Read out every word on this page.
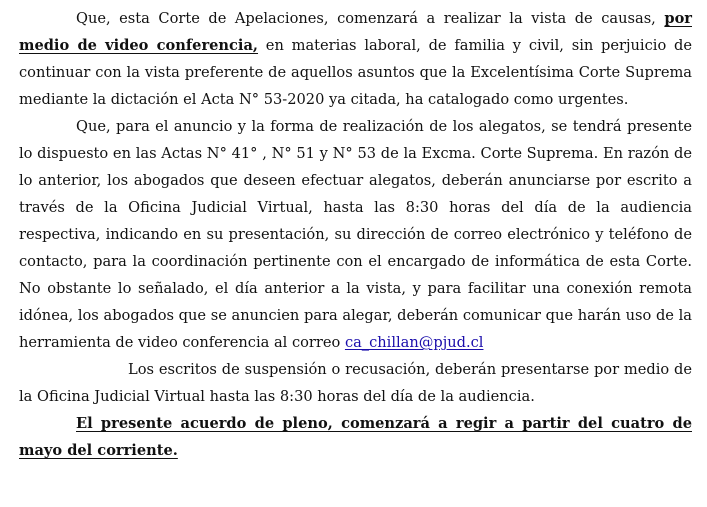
Que, esta Corte de Apelaciones, comenzará a realizar la vista de causas, por medio de video conferencia, en materias laboral, de familia y civil, sin perjuicio de continuar con la vista preferente de aquellos asuntos que la Excelentísima Corte Suprema mediante la dictación el Acta N° 53-2020 ya citada, ha catalogado como urgentes.

Que, para el anuncio y la forma de realización de los alegatos, se tendrá presente lo dispuesto en las Actas N° 41° , N° 51 y N° 53 de la Excma. Corte Suprema. En razón de lo anterior, los abogados que deseen efectuar alegatos, deberán anunciarse por escrito a través de la Oficina Judicial Virtual, hasta las 8:30 horas del día de la audiencia respectiva, indicando en su presentación, su dirección de correo electrónico y teléfono de contacto, para la coordinación pertinente con el encargado de informática de esta Corte. No obstante lo señalado, el día anterior a la vista, y para facilitar una conexión remota idónea, los abogados que se anuncien para alegar, deberán comunicar que harán uso de la herramienta de video conferencia al correo ca_chillan@pjud.cl

Los escritos de suspensión o recusación, deberán presentarse por medio de la Oficina Judicial Virtual hasta las 8:30 horas del día de la audiencia.

El presente acuerdo de pleno, comenzará a regir a partir del cuatro de mayo del corriente.
